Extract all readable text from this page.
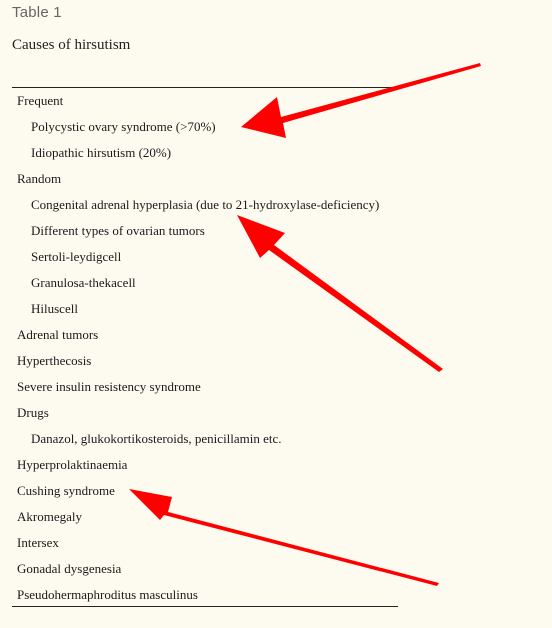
Table 1
Causes of hirsutism
Frequent
Polycystic ovary syndrome (>70%)
Idiopathic hirsutism (20%)
Random
Congenital adrenal hyperplasia (due to 21-hydroxylase-deficiency)
Different types of ovarian tumors
Sertoli-leydigcell
Granulosa-thekacell
Hiluscell
Adrenal tumors
Hyperthecosis
Severe insulin resistency syndrome
Drugs
Danazol, glukokortikosteroids, penicillamin etc.
Hyperprolaktinaemia
Cushing syndrome
Akromegaly
Intersex
Gonadal dysgenesia
Pseudohermaphroditus masculinus
